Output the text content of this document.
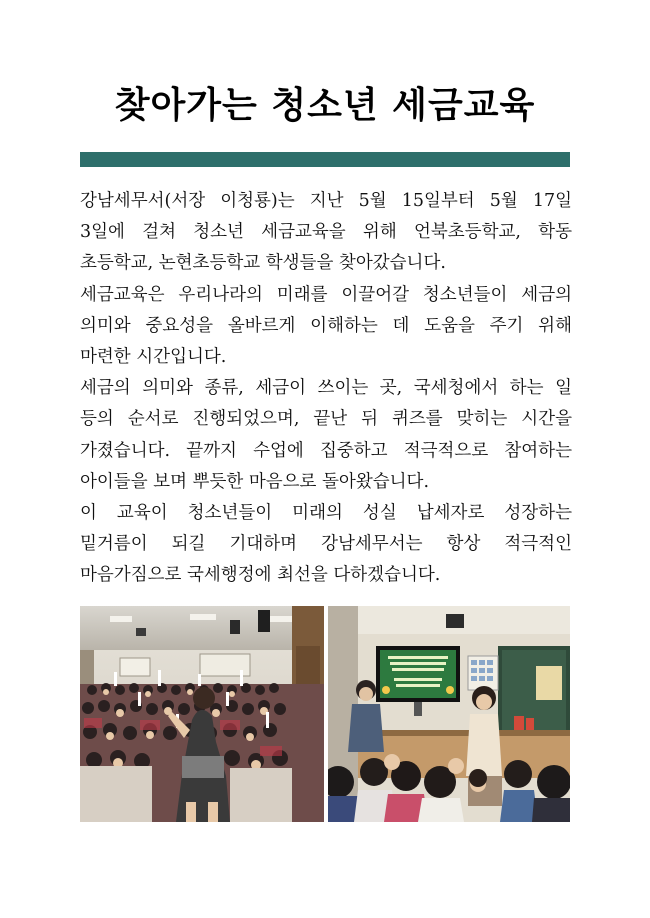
찾아가는 청소년 세금교육
강남세무서(서장 이청룡)는 지난 5월 15일부터 5월 17일
3일에 걸쳐 청소년 세금교육을 위해 언북초등학교, 학동
초등학교, 논현초등학교 학생들을 찾아갔습니다.
세금교육은 우리나라의 미래를 이끌어갈 청소년들이 세금의
의미와 중요성을 올바르게 이해하는 데 도움을 주기 위해
마련한 시간입니다.
세금의 의미와 종류, 세금이 쓰이는 곳, 국세청에서 하는 일
등의 순서로 진행되었으며, 끝난 뒤 퀴즈를 맞히는 시간을
가졌습니다. 끝까지 수업에 집중하고 적극적으로 참여하는
아이들을 보며 뿌듯한 마음으로 돌아왔습니다.
이 교육이 청소년들이 미래의 성실 납세자로 성장하는
밑거름이 되길 기대하며 강남세무서는 항상 적극적인
마음가짐으로 국세행정에 최선을 다하겠습니다.
